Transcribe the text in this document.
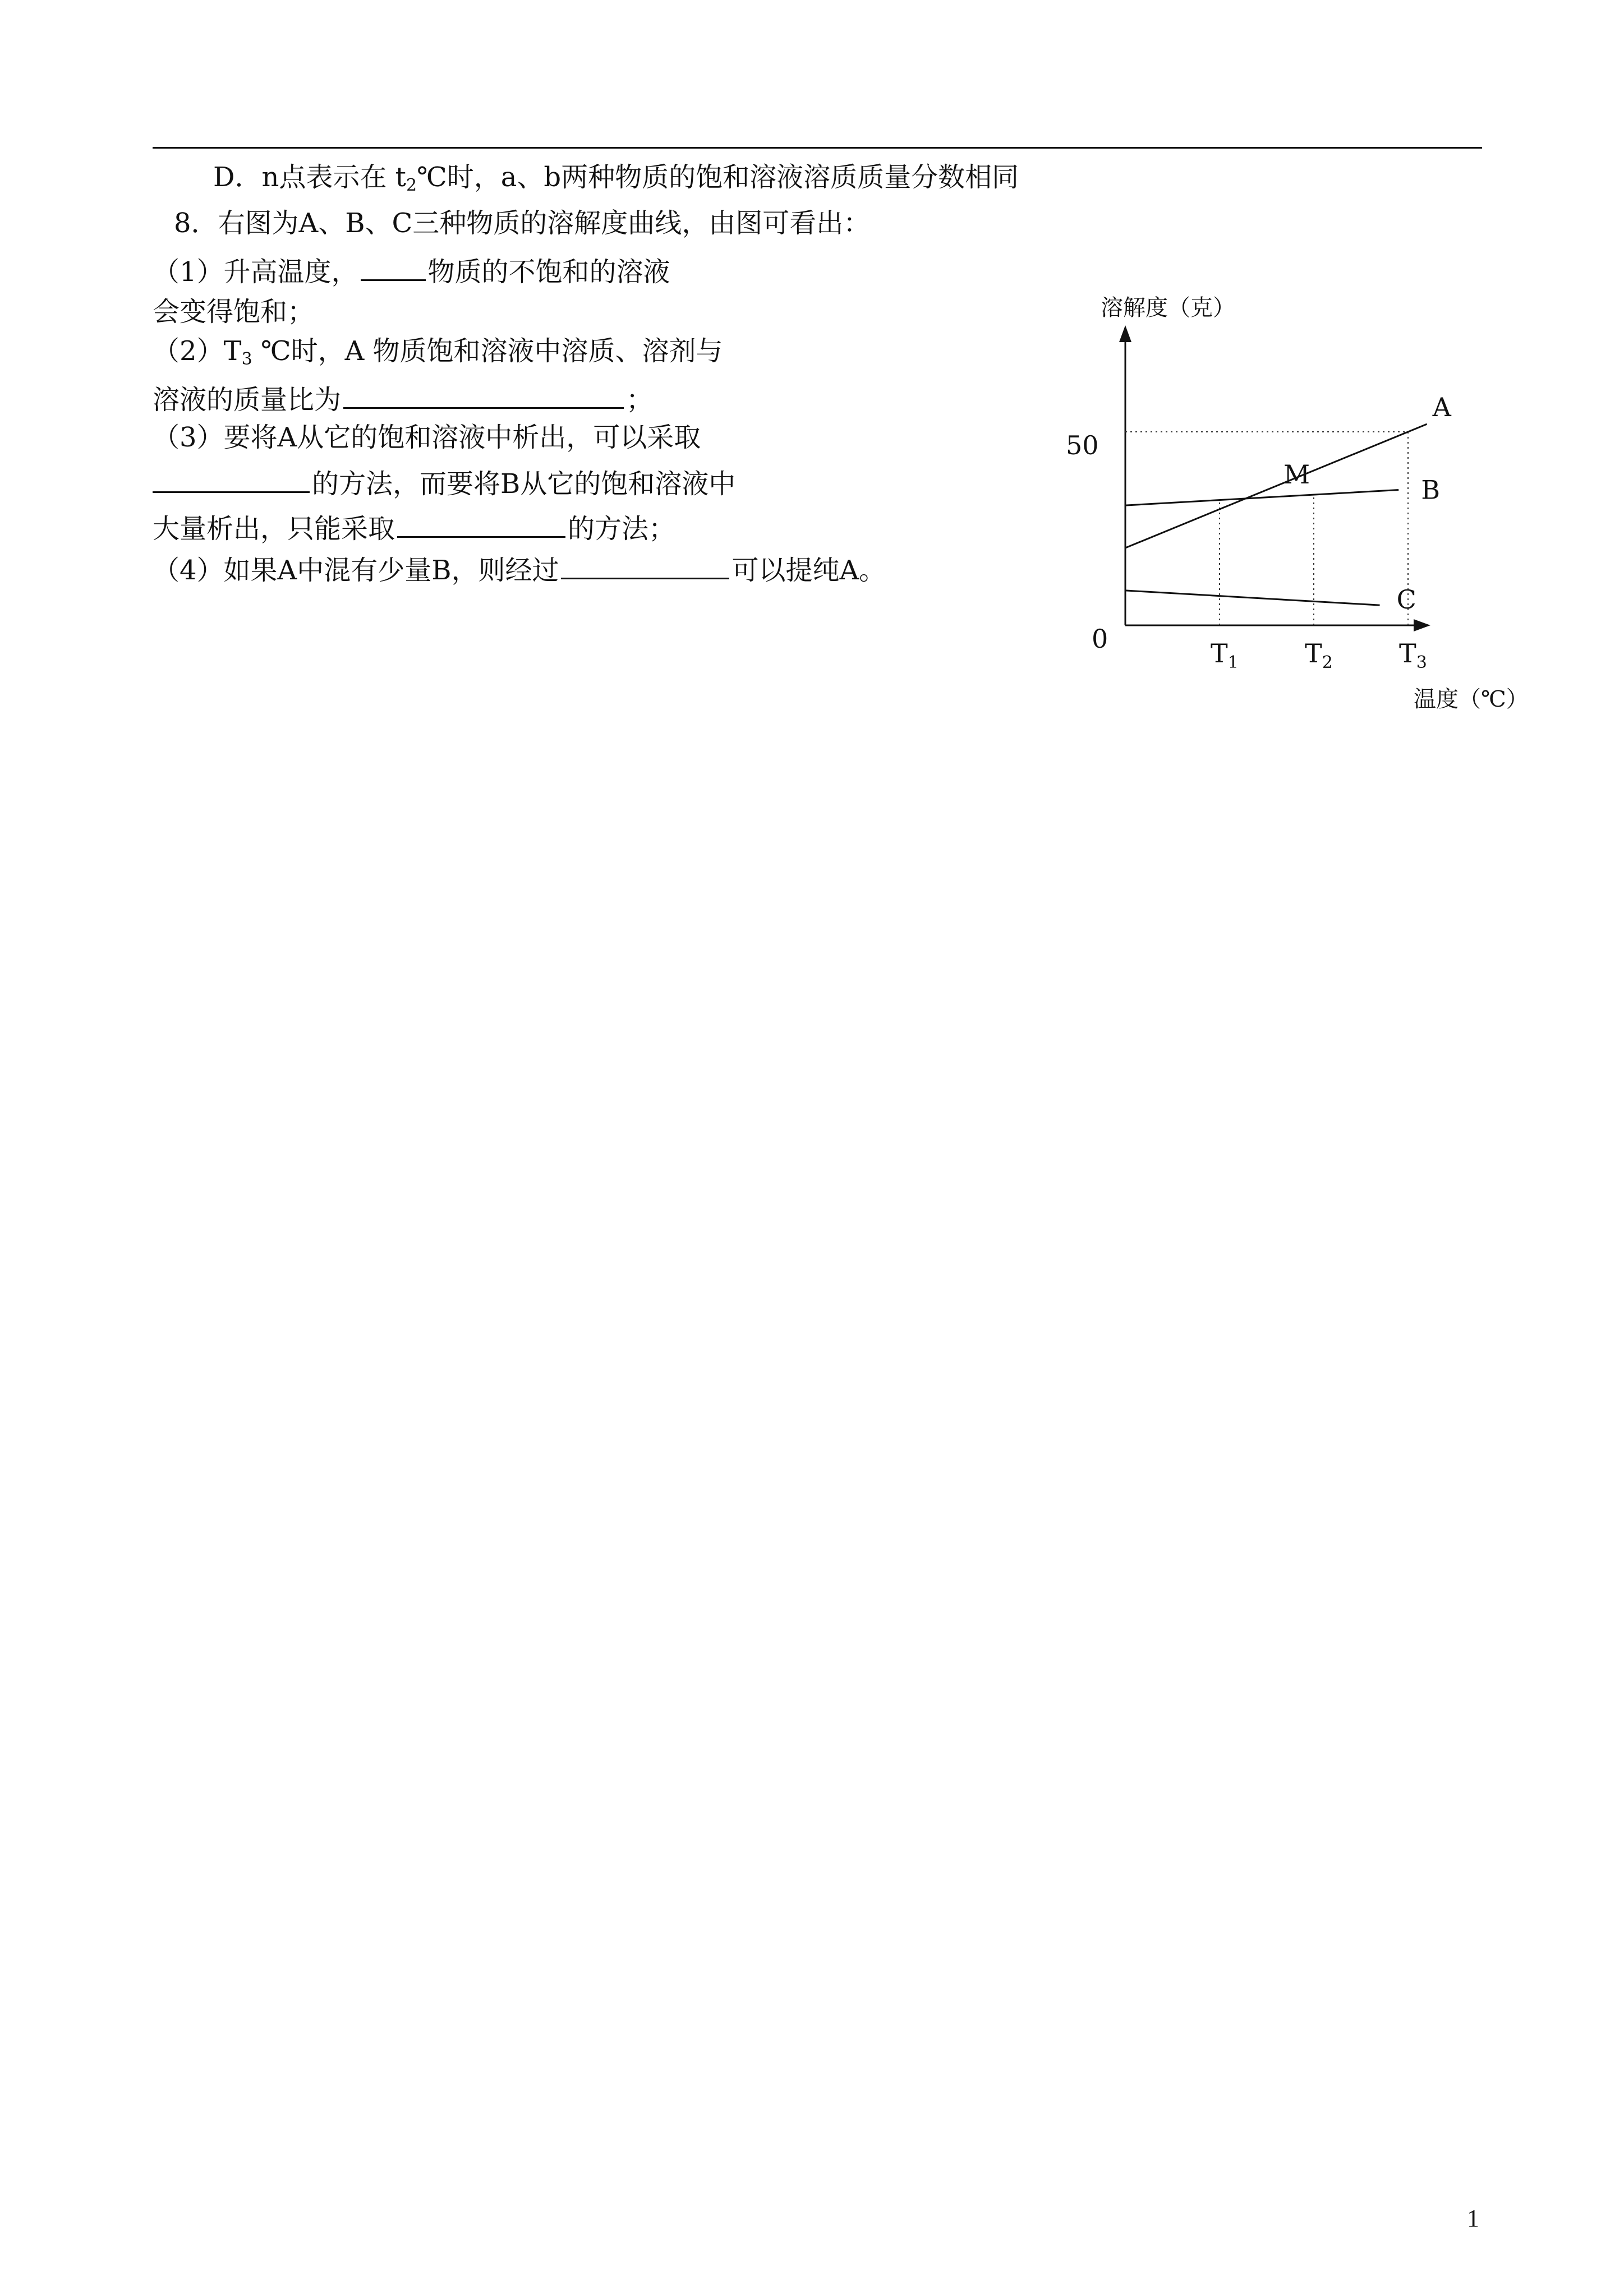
D．n点表示在 $t_2℃$时，a、b两种物质的饱和溶液溶质质量分数相同
8．右图为A、B、C三种物质的溶解度曲线，由图可看出：
（1）升高温度，	物质的不饱和的溶液
会变得饱和；
$(2)T_3$ ℃时，A 物质饱和溶液中溶质、溶剂与
溶液的质量比为	；
（3）要将A从它的饱和溶液中析出，可以采取
的方法，而要将B从它的饱和溶液中
大量析出，只能采取	的方法；
（4）如果A中混有少量B，则经过	可以提纯A。
溶解度（克）
温度（℃）
0
50
A
B
C
M
$T_1$	$T_2$	$T_3$
1
